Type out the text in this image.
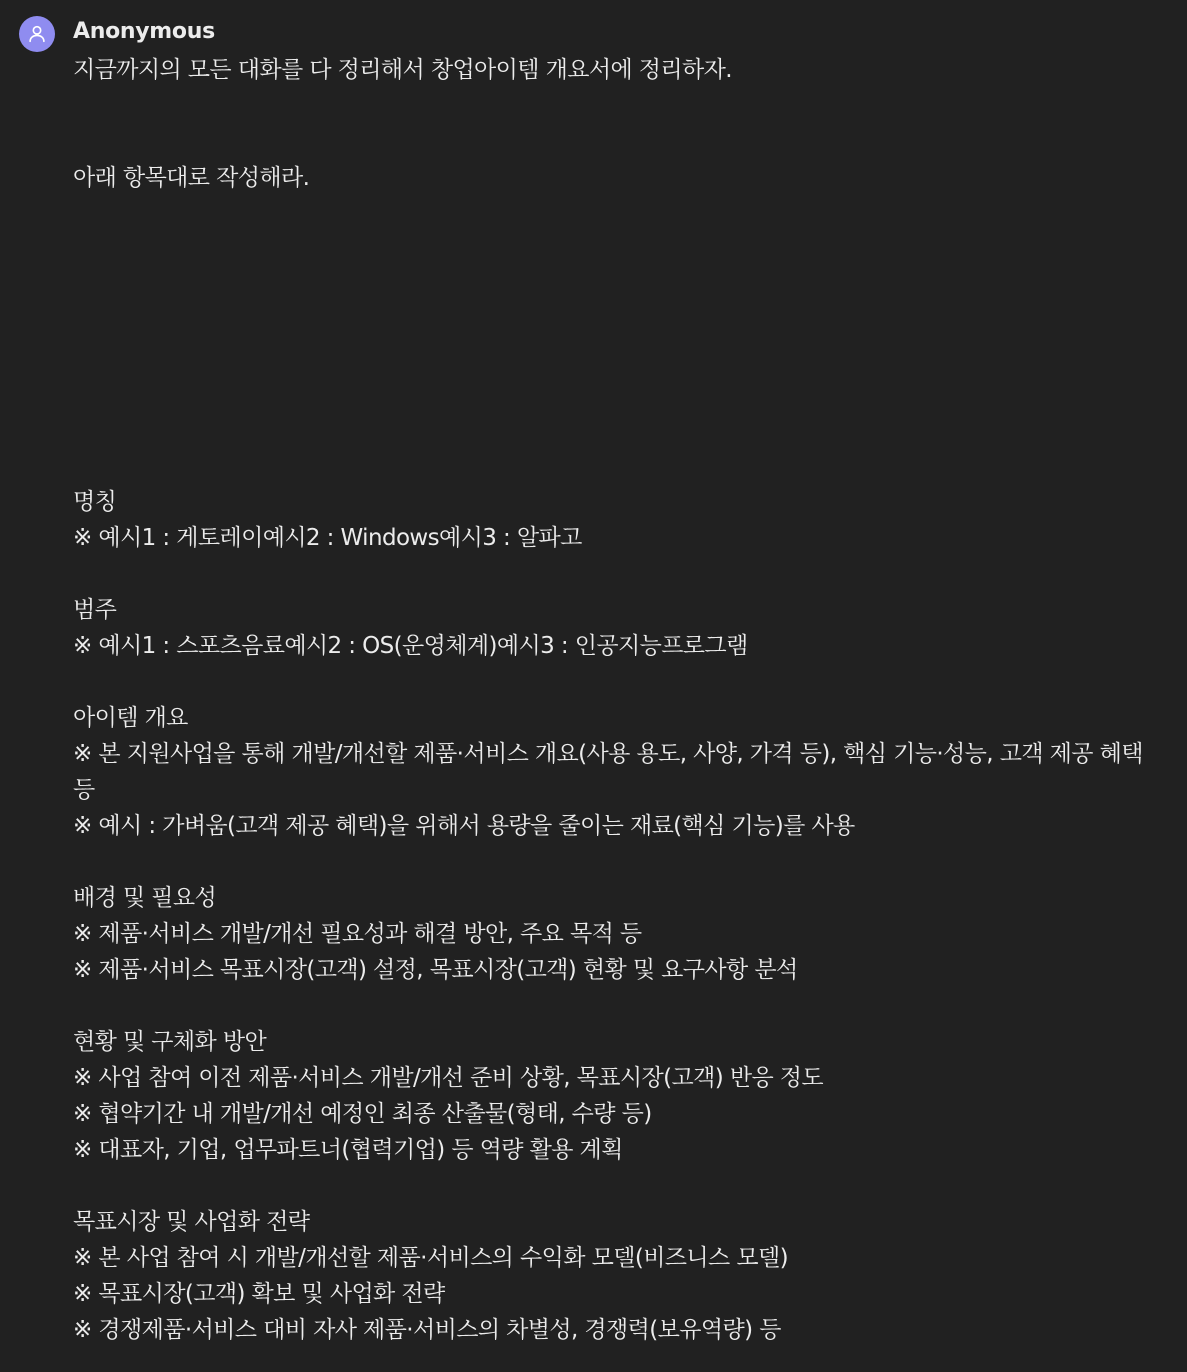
Anonymous

지금까지의 모든 대화를 다 정리해서 창업아이템 개요서에 정리하자.

아래 항목대로 작성해라.

명칭

※ 예시1 : 게토레이예시2 : Windows예시3 : 알파고

범주

※ 예시1 : 스포츠음료예시2 : OS(운영체계)예시3 : 인공지능프로그램

아이템 개요

※ 본 지원사업을 통해 개발/개선할 제품·서비스 개요(사용 용도, 사양, 가격 등), 핵심 기능·성능, 고객 제공 혜택 등

※ 예시 : 가벼움(고객 제공 혜택)을 위해서 용량을 줄이는 재료(핵심 기능)를 사용

배경 및 필요성

※ 제품·서비스 개발/개선 필요성과 해결 방안, 주요 목적 등

※ 제품·서비스 목표시장(고객) 설정, 목표시장(고객) 현황 및 요구사항 분석

현황 및 구체화 방안

※ 사업 참여 이전 제품·서비스 개발/개선 준비 상황, 목표시장(고객) 반응 정도

※ 협약기간 내 개발/개선 예정인 최종 산출물(형태, 수량 등)

※ 대표자, 기업, 업무파트너(협력기업) 등 역량 활용 계획

목표시장 및 사업화 전략

※ 본 사업 참여 시 개발/개선할 제품·서비스의 수익화 모델(비즈니스 모델)

※ 목표시장(고객) 확보 및 사업화 전략

※ 경쟁제품·서비스 대비 자사 제품·서비스의 차별성, 경쟁력(보유역량) 등
